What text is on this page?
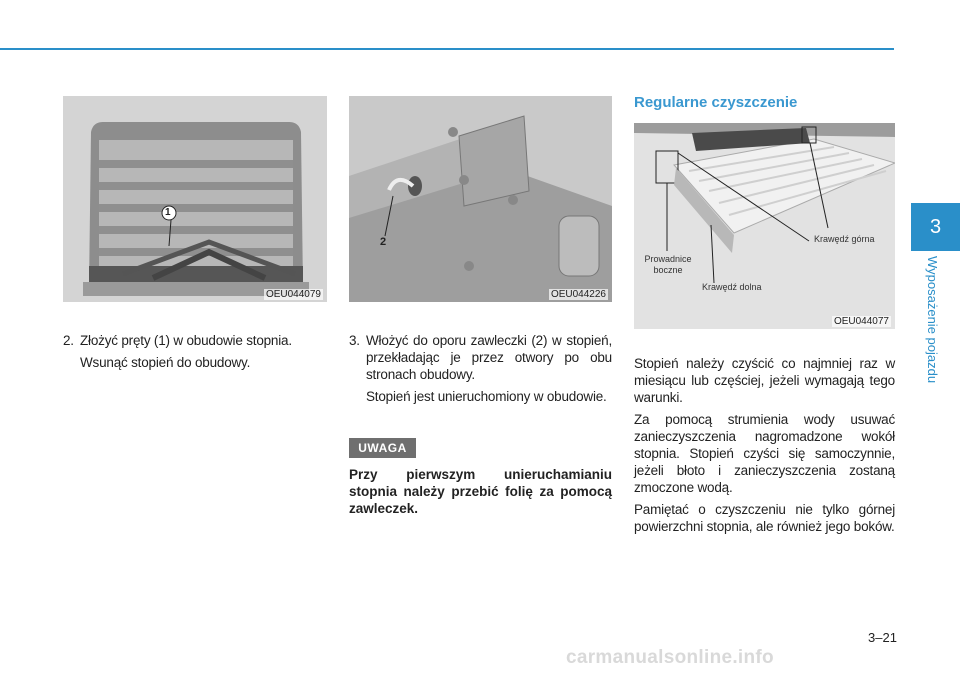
1
OEU044079
2
OEU044226
Prowadnice
boczne
Krawędź dolna
Krawędź górna
OEU044077
2. Złożyć pręty (1) w obudowie stopnia.

Wsunąć stopień do obudowy.

3. Włożyć do oporu zawleczki (2) w stopień, przekładając je przez otwory po obu stronach obudowy.

Stopień jest unieruchomiony w obudowie.

UWAGA
Przy pierwszym unieruchamianiu stopnia należy przebić folię za pomocą zawleczek.
Regularne czyszczenie

Stopień należy czyścić co najmniej raz w miesiącu lub częściej, jeżeli wymagają tego warunki.

Za pomocą strumienia wody usuwać zanieczyszczenia nagromadzone wokół stopnia. Stopień czyści się samoczynnie, jeżeli błoto i zanieczyszczenia zostaną zmoczone wodą.

Pamiętać o czyszczeniu nie tylko górnej powierzchni stopnia, ale również jego boków.

3
Wyposażenie pojazdu
3–21
carmanualsonline.info
